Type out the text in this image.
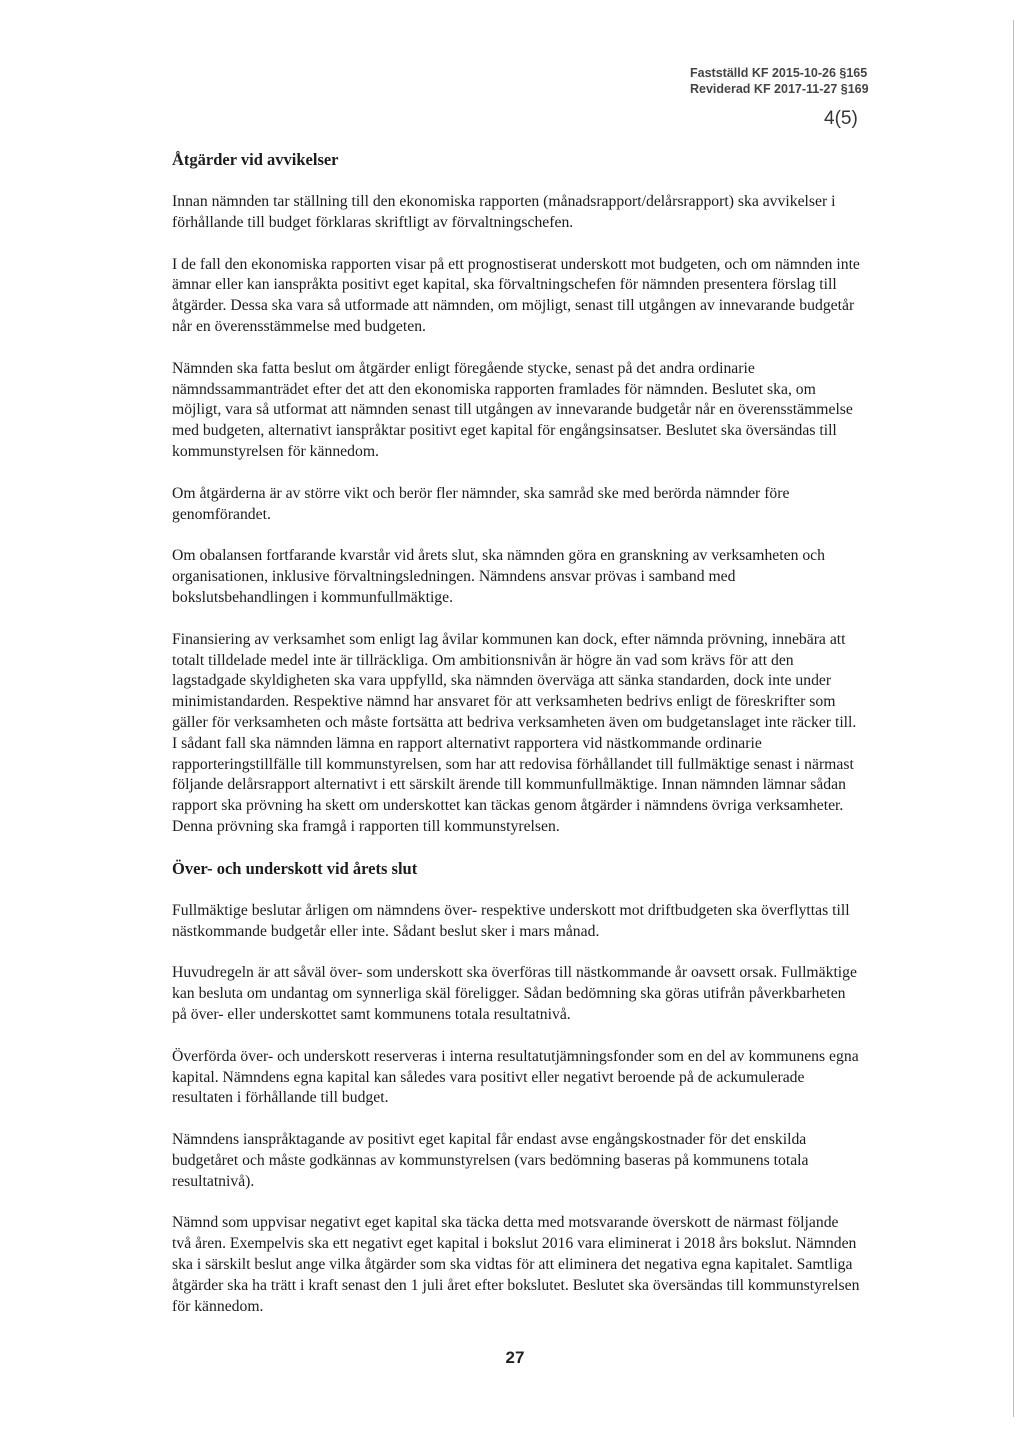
Fastställd KF 2015-10-26 §165
Reviderad KF 2017-11-27 §169
4(5)
Åtgärder vid avvikelser

Innan nämnden tar ställning till den ekonomiska rapporten (månadsrapport/delårsrapport) ska avvikelser i förhållande till budget förklaras skriftligt av förvaltningschefen.

I de fall den ekonomiska rapporten visar på ett prognostiserat underskott mot budgeten, och om nämnden inte ämnar eller kan ianspråkta positivt eget kapital, ska förvaltningschefen för nämnden presentera förslag till åtgärder. Dessa ska vara så utformade att nämnden, om möjligt, senast till utgången av innevarande budgetår når en överensstämmelse med budgeten.

Nämnden ska fatta beslut om åtgärder enligt föregående stycke, senast på det andra ordinarie nämndssammanträdet efter det att den ekonomiska rapporten framlades för nämnden. Beslutet ska, om möjligt, vara så utformat att nämnden senast till utgången av innevarande budgetår når en överensstämmelse med budgeten, alternativt ianspråktar positivt eget kapital för engångsinsatser. Beslutet ska översändas till kommunstyrelsen för kännedom.

Om åtgärderna är av större vikt och berör fler nämnder, ska samråd ske med berörda nämnder före genomförandet.

Om obalansen fortfarande kvarstår vid årets slut, ska nämnden göra en granskning av verksamheten och organisationen, inklusive förvaltningsledningen. Nämndens ansvar prövas i samband med bokslutsbehandlingen i kommunfullmäktige.

Finansiering av verksamhet som enligt lag åvilar kommunen kan dock, efter nämnda prövning, innebära att totalt tilldelade medel inte är tillräckliga. Om ambitionsnivån är högre än vad som krävs för att den lagstadgade skyldigheten ska vara uppfylld, ska nämnden överväga att sänka standarden, dock inte under minimistandarden. Respektive nämnd har ansvaret för att verksamheten bedrivs enligt de föreskrifter som gäller för verksamheten och måste fortsätta att bedriva verksamheten även om budgetanslaget inte räcker till. I sådant fall ska nämnden lämna en rapport alternativt rapportera vid nästkommande ordinarie rapporteringstillfälle till kommunstyrelsen, som har att redovisa förhållandet till fullmäktige senast i närmast följande delårsrapport alternativt i ett särskilt ärende till kommunfullmäktige. Innan nämnden lämnar sådan rapport ska prövning ha skett om underskottet kan täckas genom åtgärder i nämndens övriga verksamheter. Denna prövning ska framgå i rapporten till kommunstyrelsen.

Över- och underskott vid årets slut

Fullmäktige beslutar årligen om nämndens över- respektive underskott mot driftbudgeten ska överflyttas till nästkommande budgetår eller inte. Sådant beslut sker i mars månad.

Huvudregeln är att såväl över- som underskott ska överföras till nästkommande år oavsett orsak. Fullmäktige kan besluta om undantag om synnerliga skäl föreligger. Sådan bedömning ska göras utifrån påverkbarheten på över- eller underskottet samt kommunens totala resultatnivå.

Överförda över- och underskott reserveras i interna resultatutjämningsfonder som en del av kommunens egna kapital. Nämndens egna kapital kan således vara positivt eller negativt beroende på de ackumulerade resultaten i förhållande till budget.

Nämndens ianspråktagande av positivt eget kapital får endast avse engångskostnader för det enskilda budgetåret och måste godkännas av kommunstyrelsen (vars bedömning baseras på kommunens totala resultatnivå).

Nämnd som uppvisar negativt eget kapital ska täcka detta med motsvarande överskott de närmast följande två åren. Exempelvis ska ett negativt eget kapital i bokslut 2016 vara eliminerat i 2018 års bokslut. Nämnden ska i särskilt beslut ange vilka åtgärder som ska vidtas för att eliminera det negativa egna kapitalet. Samtliga åtgärder ska ha trätt i kraft senast den 1 juli året efter bokslutet. Beslutet ska översändas till kommunstyrelsen för kännedom.

27
